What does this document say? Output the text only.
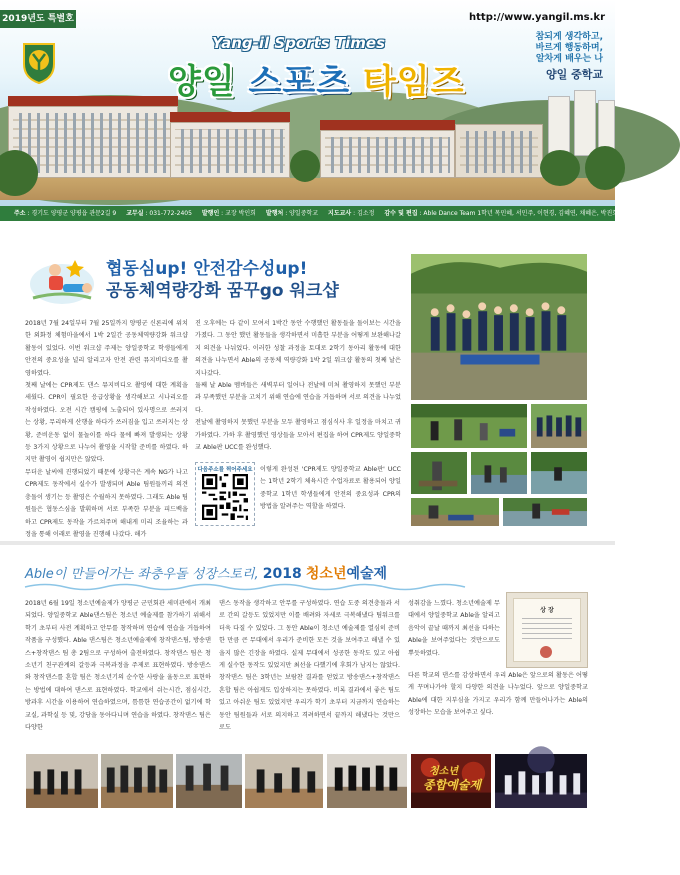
2019년도 특별호	http://www.yangil.ms.kr
Yang-il Sports Times
양일 스포츠 타임즈
참되게 생각하고,
바르게 행동하며,
알차게 배우는 나
양일 중학교
주소 : 경기도 양평군 양평읍 관문2길 9 교무실 : 031-772-2405 발행인 : 교장 박인희 발행처 : 양일중학교 지도교사 : 김소정 감수 및 편집 : Able Dance Team 1학년 목민혜, 서민주, 이현경, 김혜연, 채혜은, 박진희
협동심up! 안전감수성up!
공동체역량강화 꿈꾸go 워크샵
2018년 7월 24일부터 7월 25일까지 양평군 신론리에 위치한 외화정 체험마을에서 1박 2일간 공동체역량강화 워크샵 활동이 있었다. 이번 워크샵 주제는 양일중학교 학생들에게 안전의 중요성을 널리 알리고자 안전 관련 뮤지비디오를 촬영하였다.
첫째 날에는 CPR제도 댄스 뮤지비디오 촬영에 대한 계획을 세웠다. CPR이 필요한 응급상황을 생각해보고 시나리오를 작성하였다. 오전 시간 캠핑에 노출되어 있사명으로 쓰러지는 상황, 무리하게 산행을 하다가 쓰러짐을 입고 쓰러지는 상황, 준비운동 없이 물놀이를 하다 물에 빠져 발생되는 상황 등 3가지 상황으로 나누어 촬영을 시작할 준비를 하였다. 하지만 촬영이 쉽지만은 않았다.
무더운 날씨에 진행되었기 때문에 상황극은 계속 NG가 나고 CPR제도 동작에서 실수가 발생되며 Able 팀원들끼리 의견충돌이 생기는 등 촬영은 수월하지 못하였다. 그래도 Able 팀원들은 협동스심을 발휘하며 서로 부족한 부분을 피드백을 하고 CPR제도 동작을 가르쳐주며 해내게 미리 조율하는 과정을 통해 이래로 촬영을 진행해 나갔다. 해가
진 오후에는 다 같이 모여서 1박간 동안 수행했던 활동들을 돌이보는 시간을 가졌다. 그 동안 했던 활동들을 생각하면서 미흡한 부분을 어떻게 보완해나갈지 의견을 나눠었다. 이러한 성찰 과정을 토대로 2학기 동아리 활동에 대한 의견을 나누면서 Able의 공동체 역량강화 1박 2일 워크샵 활동의 첫째 날은 지나갔다.
둘째 날 Able 멤버들은 새벽부터 일어나 전날에 미처 촬영하지 못했던 부분과 부족했던 부분을 고치기 위해 연습에 연습을 거듭하며 서로 의견을 나누었다.
전날에 촬영하지 못했던 부분을 모두 촬영하고 점심식사 후 일정을 마치고 귀가하였다. 가하 후 촬영했던 영상들을 모아서 편집을 하여 CPR제도 양일중학교 Able판 UCC를 완성했다.
다음주소를 찍어주세요 이렇게 완성된 'CPR제도 양일중학교 Able판' UCC는 1학년 2학기 체육시간 수업자료로 활용되어 양일중학교 1학년 학생들에게 안전의 중요성과 CPR의 방법을 알려주는 역할을 하였다.
Able이 만들어가는 좌충우돌 성장스토리, 2018 청소년예술제
2018년 6월 19일 청소년예술제가 양평군 군민회관 세미관에서 개최되었다. 양일중학교 Able댄스팀은 청소년 예술제를 참가하기 위해서 학기 초부터 사전 계획하고 안무를 창작하며 연습에 연습을 거듭하여 작품을 구성했다. Able 댄스팀은 청소년예술제에 창작댄스팀, 방송댄스+창작댄스 팀 총 2팀으로 구성하여 출전하였다. 창작댄스 팀은 청소년기 친구관계의 갈등과 극복과정을 주제로 표현하였다. 방송댄스와 창작댄스를 혼합 팀은 청소년기의 순수한 사랑을 율동으로 표현하는 방법에 대하여 댄스로 표현하였다. 학교에서 쉬는시간, 점심시간, 방과후 시간을 이용하여 연습하였으며, 틈틈한 연습공간이 없기에 학교실, 과학실 등 및, 강당을 동아다니며 연습을 하였다. 창작댄스 팀은 다양한
댄스 동작을 생각하고 안무를 구성하였다. 연습 도중 의견충돌과 서로 간의 갈등도 있었지만 이를 배려와 자세로 극복해냈다 팀워크를 더욱 다질 수 있었다. 그 동안 Able이 청소년 예술제를 열심히 준비한 만큼 큰 무대에서 우리가 준비한 모든 것을 보여주고 해낼 수 있을지 많은 긴장을 하였다. 실제 무대에서 성공한 동작도 있고 아쉽게 실수한 동작도 있었지만 최선을 다했기에 후회가 남지는 않았다. 창작댄스 팀은 3학년는 보람찬 결과를 얻었고 방송댄스+창작댄스 혼합 팀은 아쉽게도 입상하지는 못하였다. 비록 결과에서 좋은 팀도 있고 아쉬운 팀도 있었지만 우리가 학기 초부터 지금까지 연습하는 동안 팀원들과 서로 의지하고 격려하면서 끝까지 해냈다는 것만으로도
성취감을 느꼈다. 청소년예술제 무대에서 양일중학교 Able을 알리고 음악이 끝날 때까지 최선을 다하는 Able을 보여주었다는 것만으로도 뿌듯하였다.
다른 학교의 댄스를 감상하면서 우리 Able은 앞으로의 활동은 어떻게 꾸며나가야 할지 다양한 의견을 나누었다. 앞으로 양일중학교 Able에 대한 지부심을 가지고 우리가 함께 만들어나가는 Able의 성장하는 모습을 보여주고 싶다.
상 장
청소년
종합예술제
